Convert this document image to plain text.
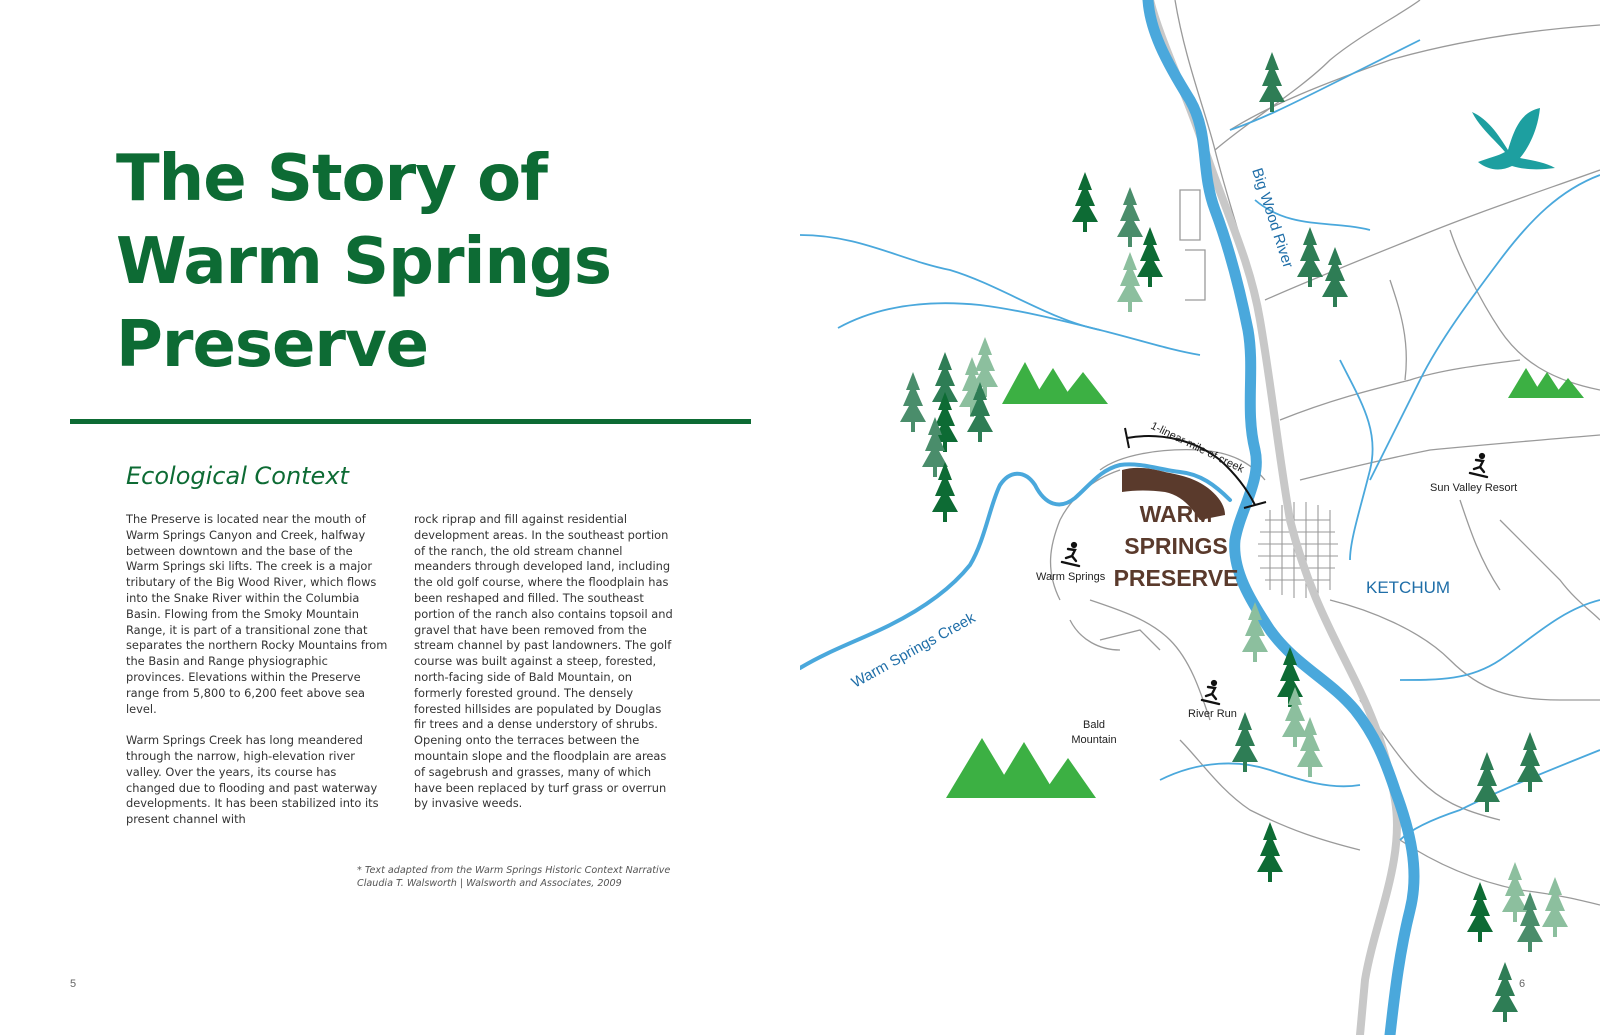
The Story of
Warm Springs
Preserve
Ecological Context

The Preserve is located near the mouth of Warm Springs Canyon and Creek, halfway between downtown and the base of the Warm Springs ski lifts. The creek is a major tributary of the Big Wood River, which flows into the Snake River within the Columbia Basin. Flowing from the Smoky Mountain Range, it is part of a transitional zone that separates the northern Rocky Mountains from the Basin and Range physiographic provinces. Elevations within the Preserve range from 5,800 to 6,200 feet above sea level.

Warm Springs Creek has long meandered through the narrow, high-elevation river valley. Over the years, its course has changed due to flooding and past waterway developments. It has been stabilized into its present channel with

rock riprap and fill against residential development areas. In the southeast portion of the ranch, the old stream channel meanders through developed land, including the old golf course, where the floodplain has been reshaped and filled. The southeast portion of the ranch also contains topsoil and gravel that have been removed from the stream channel by past landowners. The golf course was built against a steep, forested, north-facing side of Bald Mountain, on formerly forested ground. The densely forested hillsides are populated by Douglas fir trees and a dense understory of shrubs. Opening onto the terraces between the mountain slope and the floodplain are areas of sagebrush and grasses, many of which have been replaced by turf grass or overrun by invasive weeds.

* Text adapted from the Warm Springs Historic Context Narrative
Claudia T. Walsworth | Walsworth and Associates, 2009
5
1-linear mile of creek
Big Wood River
Warm Springs Creek
KETCHUM
WARM
SPRINGS
PRESERVE
Sun Valley Resort
Warm Springs
River Run
Bald
Mountain
6
